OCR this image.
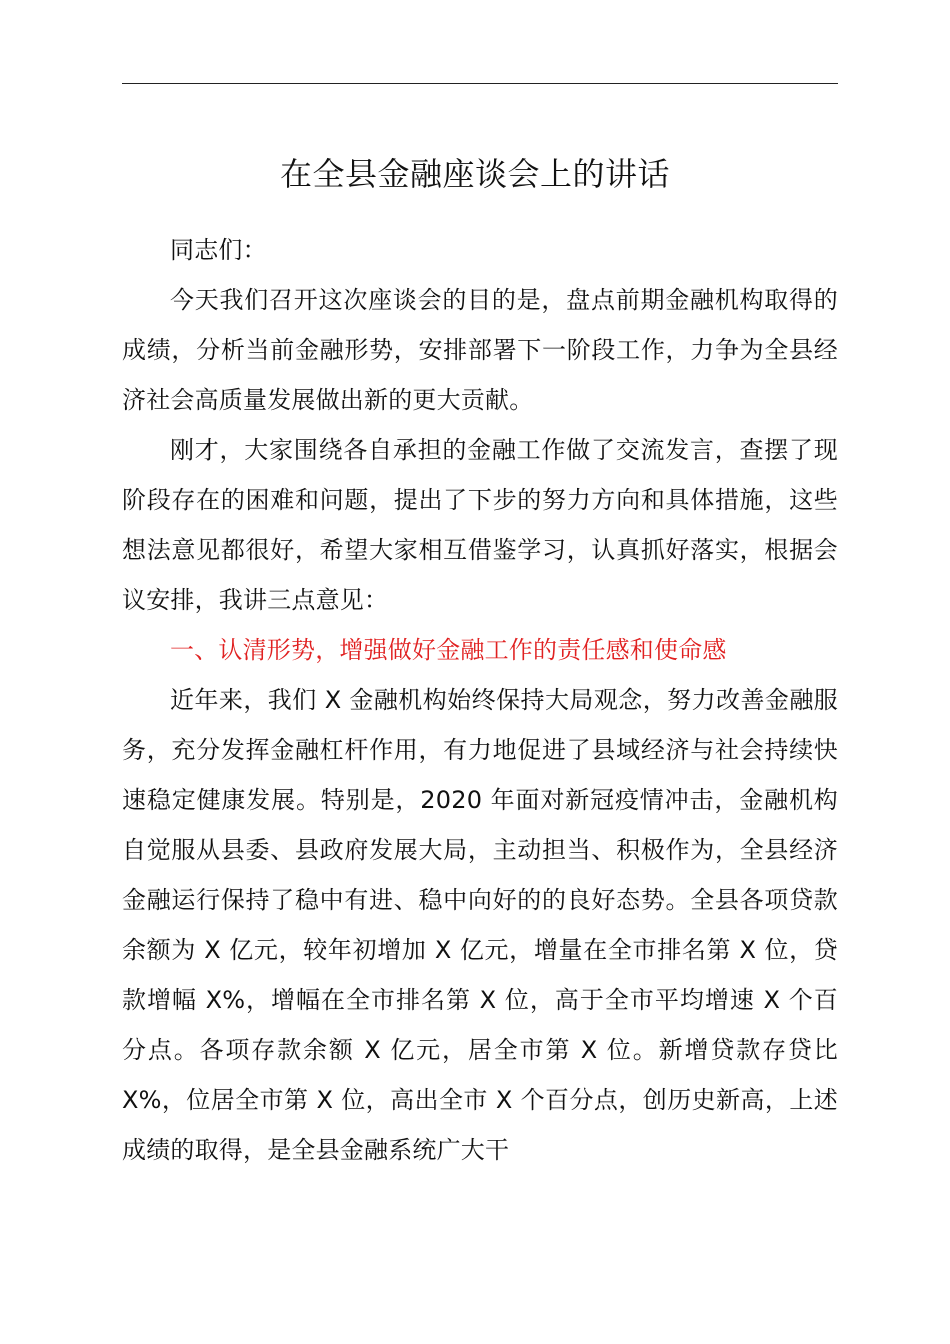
在全县金融座谈会上的讲话

同志们：

今天我们召开这次座谈会的目的是，盘点前期金融机构取得的成绩，分析当前金融形势，安排部署下一阶段工作，力争为全县经济社会高质量发展做出新的更大贡献。

刚才，大家围绕各自承担的金融工作做了交流发言，查摆了现阶段存在的困难和问题，提出了下步的努力方向和具体措施，这些想法意见都很好，希望大家相互借鉴学习，认真抓好落实，根据会议安排，我讲三点意见：

一、认清形势，增强做好金融工作的责任感和使命感

近年来，我们 X 金融机构始终保持大局观念，努力改善金融服务，充分发挥金融杠杆作用，有力地促进了县域经济与社会持续快速稳定健康发展。特别是，2020 年面对新冠疫情冲击，金融机构自觉服从县委、县政府发展大局，主动担当、积极作为，全县经济金融运行保持了稳中有进、稳中向好的的良好态势。全县各项贷款余额为 X 亿元，较年初增加 X 亿元，增量在全市排名第 X 位，贷款增幅 X%，增幅在全市排名第 X 位，高于全市平均增速 X 个百分点。各项存款余额 X 亿元，居全市第 X 位。新增贷款存贷比 X%，位居全市第 X 位，高出全市 X 个百分点，创历史新高，上述成绩的取得，是全县金融系统广大干
